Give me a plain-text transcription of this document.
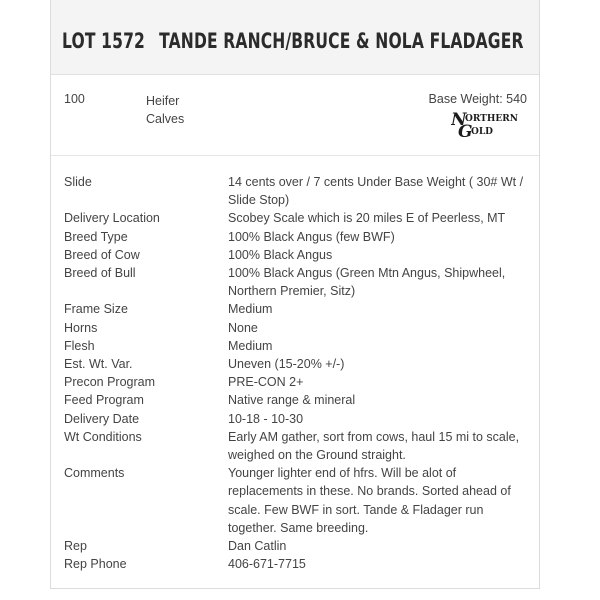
LOT 1572 TANDE RANCH/BRUCE & NOLA FLADAGER
100	Heifer Calves
Base Weight: 540
N
ORTHERN
G
OLD
Slide	14 cents over / 7 cents Under Base Weight ( 30# Wt / Slide Stop)
Delivery Location	Scobey Scale which is 20 miles E of Peerless, MT
Breed Type	100% Black Angus (few BWF)
Breed of Cow	100% Black Angus
Breed of Bull	100% Black Angus (Green Mtn Angus, Shipwheel, Northern Premier, Sitz)
Frame Size	Medium
Horns	None
Flesh	Medium
Est. Wt. Var.	Uneven (15-20% +/-)
Precon Program	PRE-CON 2+
Feed Program	Native range & mineral
Delivery Date	10-18 - 10-30
Wt Conditions	Early AM gather, sort from cows, haul 15 mi to scale, weighed on the Ground straight.
Comments	Younger lighter end of hfrs. Will be alot of replacements in these. No brands. Sorted ahead of scale. Few BWF in sort. Tande & Fladager run together. Same breeding.
Rep	Dan Catlin
Rep Phone	406-671-7715
